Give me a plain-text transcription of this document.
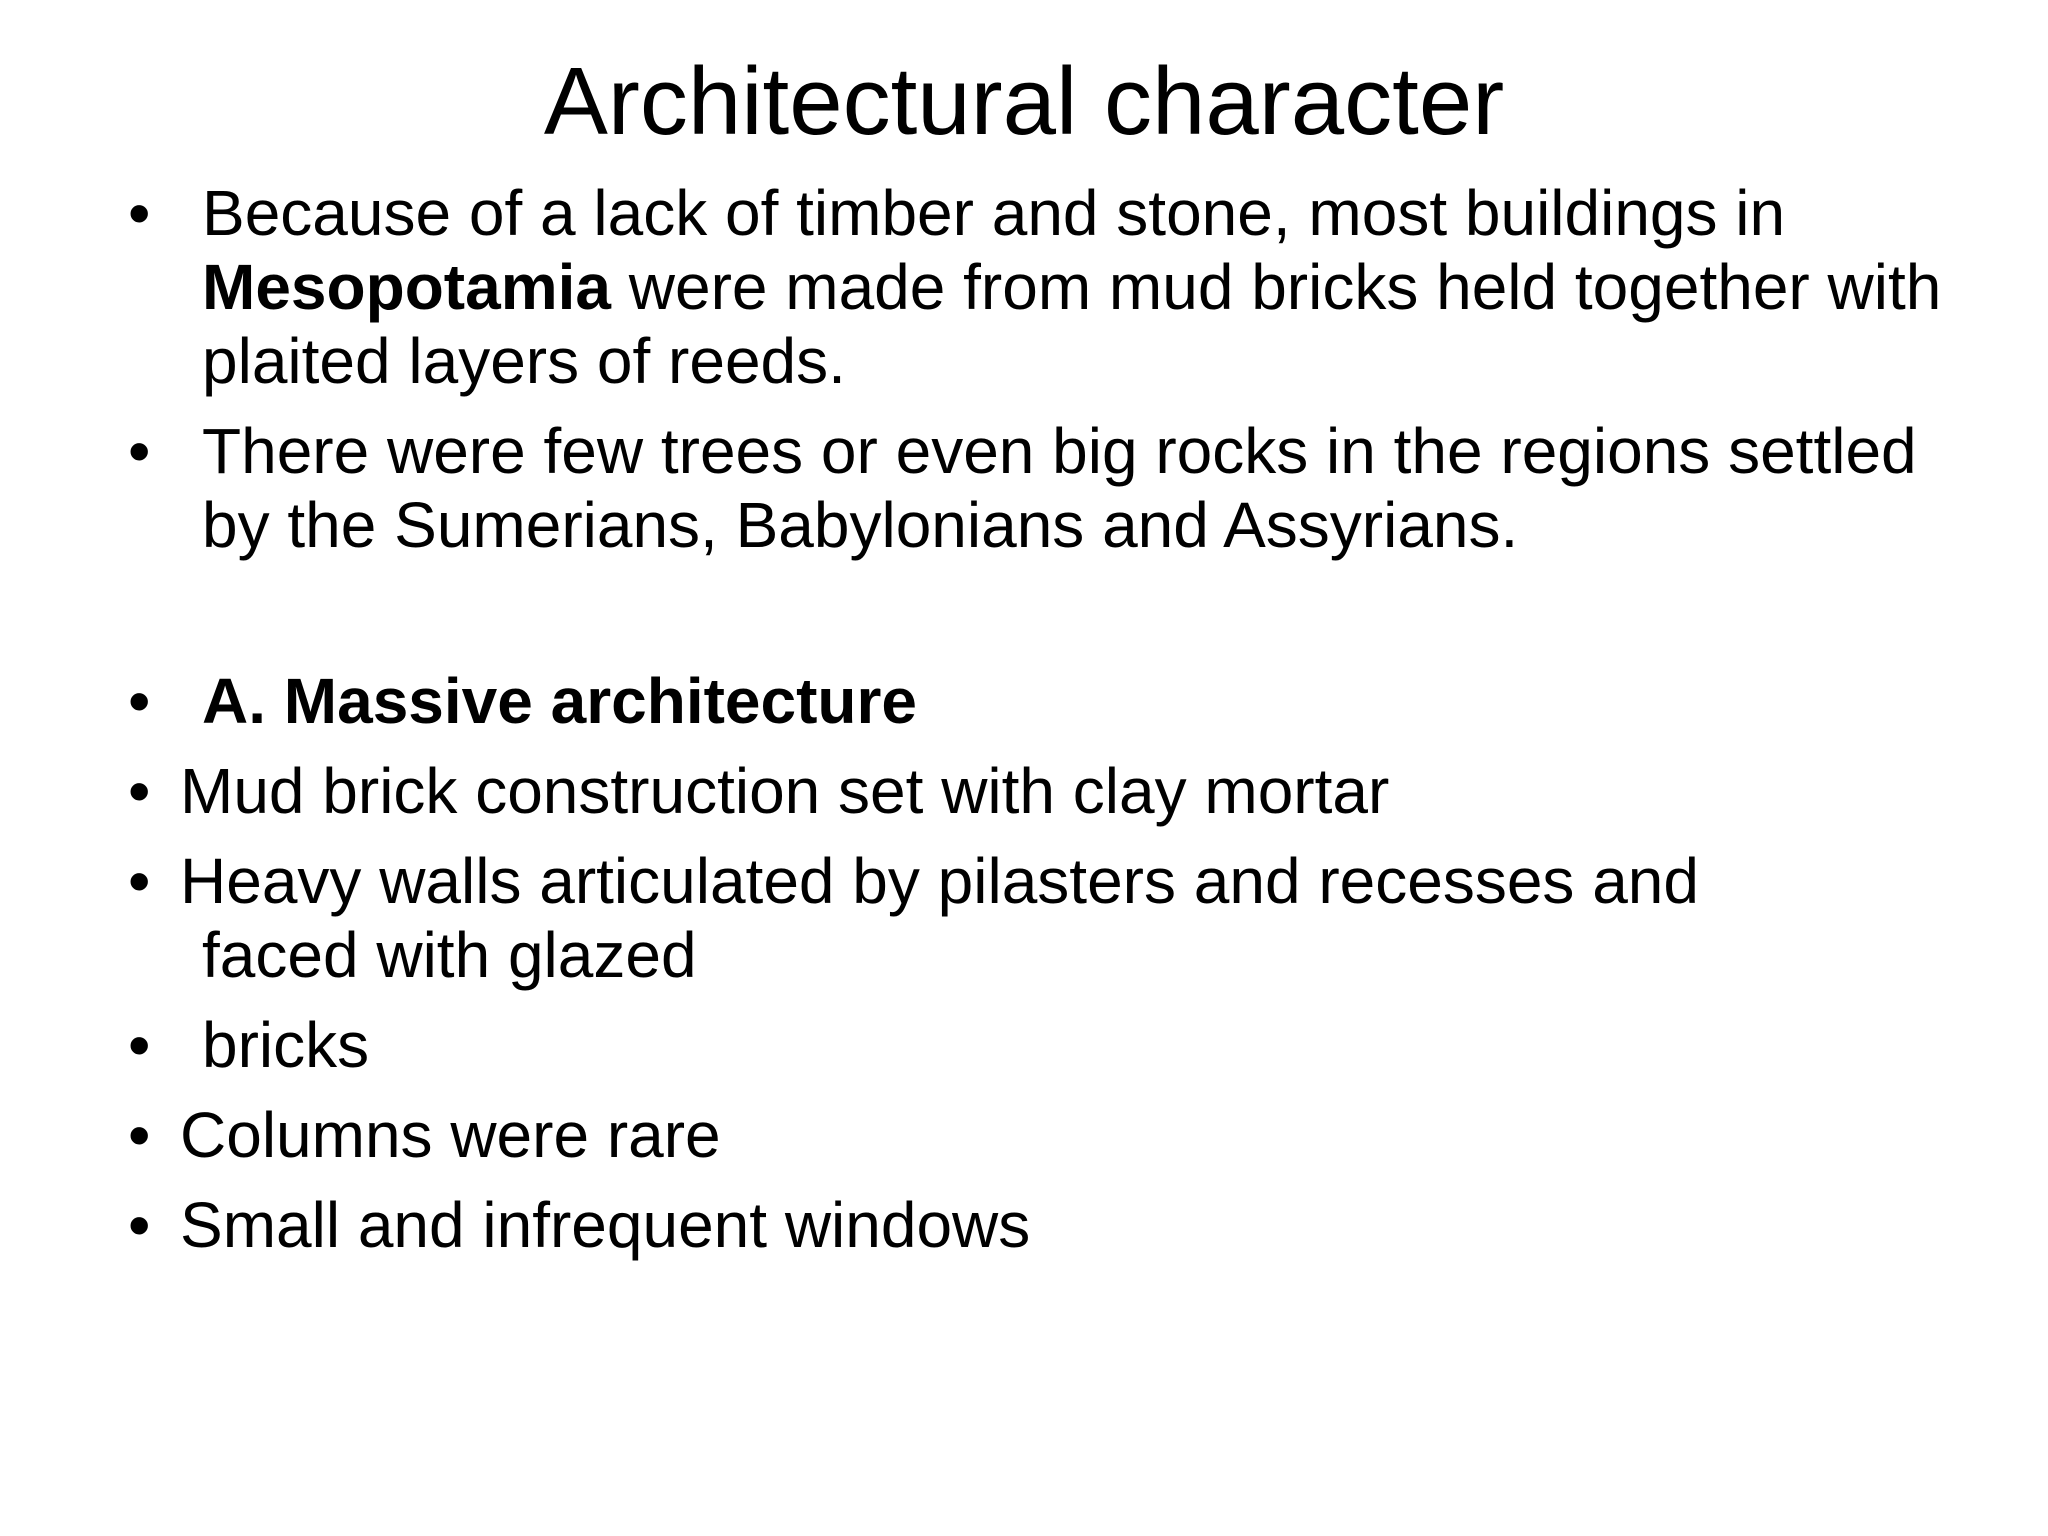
Architectural character
• Because of a lack of timber and stone, most buildings in Mesopotamia were made from mud bricks held together with plaited layers of reeds.
• There were few trees or even big rocks in the regions settled by the Sumerians, Babylonians and Assyrians.
• A. Massive architecture
• Mud brick construction set with clay mortar
• Heavy walls articulated by pilasters and recesses and
faced with glazed
• bricks
• Columns were rare
• Small and infrequent windows
